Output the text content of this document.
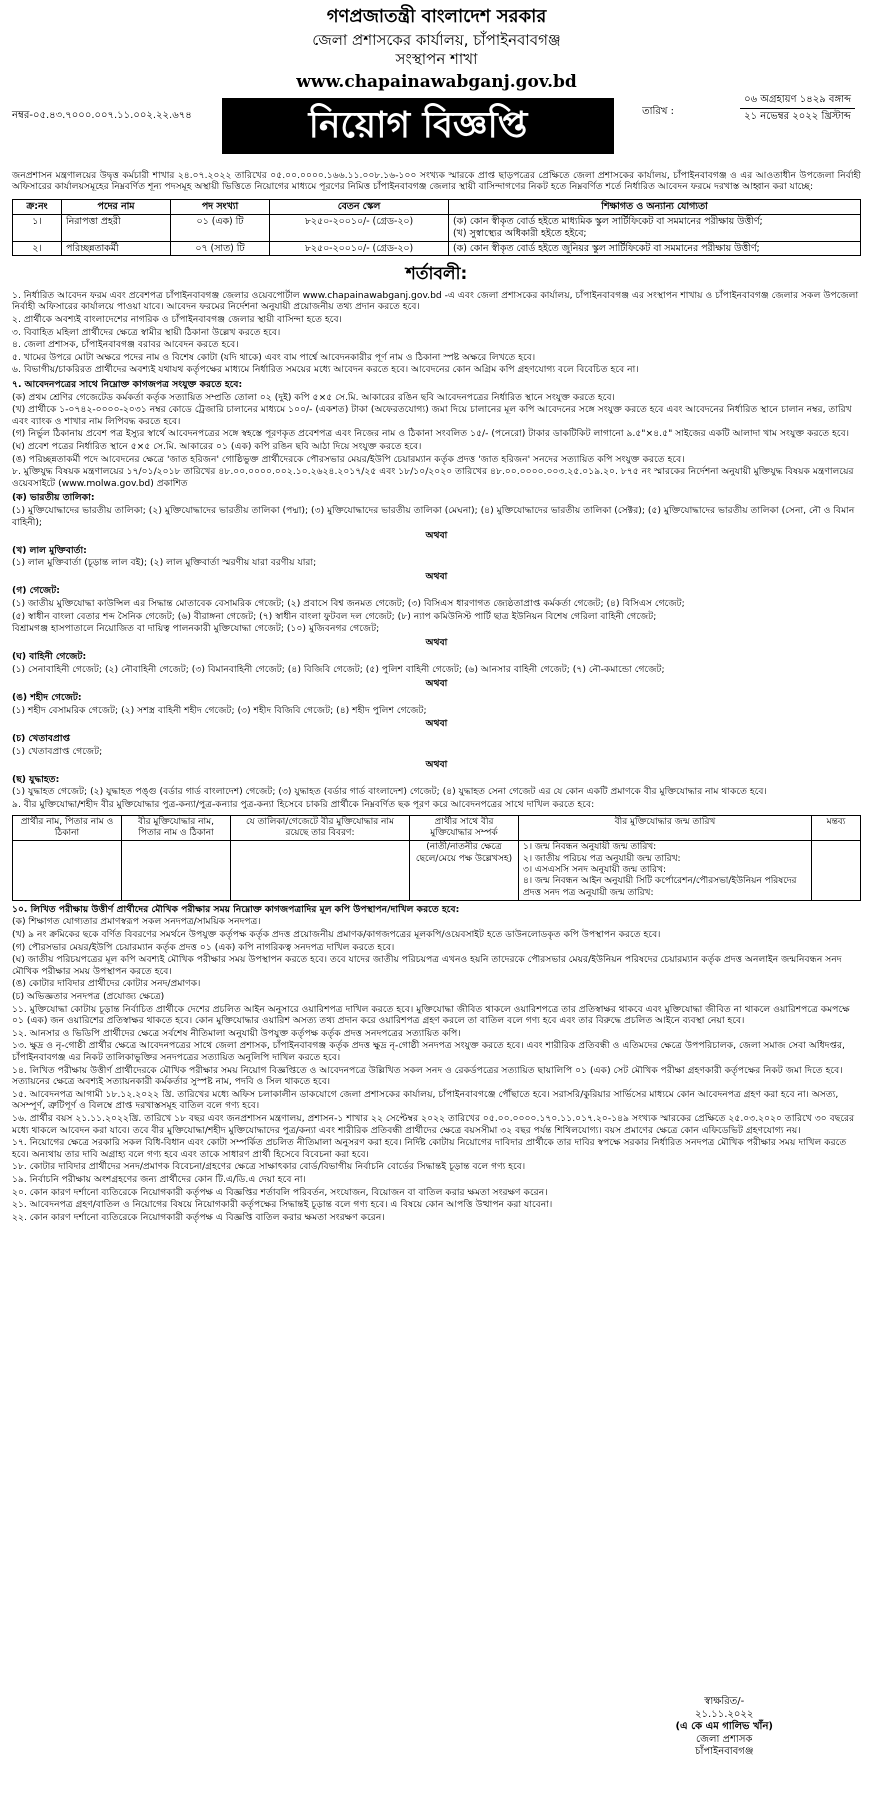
গণপ্রজাতন্ত্রী বাংলাদেশ সরকার
জেলা প্রশাসকের কার্যালয়, চাঁপাইনবাবগঞ্জ
সংস্থাপন শাখা
www.chapainawabganj.gov.bd
নম্বর-০৫.৪৩.৭০০০.০০৭.১১.০০২.২২.৬৭৪	নিয়োগ বিজ্ঞপ্তি	তারিখ :
০৬ অগ্রহায়ণ ১৪২৯ বঙ্গাব্দ
২১ নভেম্বর ২০২২ খ্রিস্টাব্দ
জনপ্রশাসন মন্ত্রণালয়ের উদ্বৃত্ত কর্মচারী শাখার ২৪.০৭.২০২২ তারিখের ০৫.০০.০০০০.১৬৬.১১.০০৮.১৬-১০০ সংখ্যক স্মারকে প্রাপ্ত ছাড়পত্রের প্রেক্ষিতে জেলা প্রশাসকের কার্যালয়, চাঁপাইনবাবগঞ্জ ও এর আওতাধীন উপজেলা নির্বাহী অফিসারের কার্যালয়সমূহের নিম্নবর্ণিত শূন্য পদসমূহ অস্থায়ী ভিত্তিতে নিয়োগের মাধ্যমে পূরণের নিমিত্ত চাঁপাইনবাবগঞ্জ জেলার স্থায়ী বাসিন্দাগণের নিকট হতে নিম্নবর্ণিত শর্তে নির্ধারিত আবেদন ফরমে দরখাস্ত আহ্বান করা যাচ্ছে:
ক্র:নং	পদের নাম	পদ সংখ্যা	বেতন স্কেল	শিক্ষাগত ও অন্যান্য যোগ্যতা
১।	নিরাপত্তা প্রহরী	০১ (এক) টি	৮২৫০-২০০১০/- (গ্রেড-২০)	(ক) কোন স্বীকৃত বোর্ড হইতে মাধ্যমিক স্কুল সার্টিফিকেট বা সমমানের পরীক্ষায় উত্তীর্ণ;
(খ) সুস্বাস্থ্যের অধিকারী হইতে হইবে;

২।	পরিচ্ছন্নতাকর্মী	০৭ (সাত) টি	৮২৫০-২০০১০/- (গ্রেড-২০)	(ক) কোন স্বীকৃত বোর্ড হইতে জুনিয়র স্কুল সার্টিফিকেট বা সমমানের পরীক্ষায় উত্তীর্ণ;
শর্তাবলী:
১. নির্ধারিত আবেদন ফরম এবং প্রবেশপত্র চাঁপাইনবাবগঞ্জ জেলার ওয়েবপোর্টাল www.chapainawabganj.gov.bd -এ এবং জেলা প্রশাসকের কার্যালয়, চাঁপাইনবাবগঞ্জ এর সংস্থাপন শাখায় ও চাঁপাইনবাবগঞ্জ জেলার সকল উপজেলা নির্বাহী অফিসারের কার্যালয়ে পাওয়া যাবে। আবেদন ফরমের নির্দেশনা অনুযায়ী প্রয়োজনীয় তথ্য প্রদান করতে হবে।
২. প্রার্থীকে অবশ্যই বাংলাদেশের নাগরিক ও চাঁপাইনবাবগঞ্জ জেলার স্থায়ী বাসিন্দা হতে হবে।
৩. বিবাহিত মহিলা প্রার্থীদের ক্ষেত্রে স্বামীর স্থায়ী ঠিকানা উল্লেখ করতে হবে।
৪. জেলা প্রশাসক, চাঁপাইনবাবগঞ্জ বরাবর আবেদন করতে হবে।
৫. খামের উপরে মোটা অক্ষরে পদের নাম ও বিশেষ কোটা (যদি থাকে) এবং বাম পার্শ্বে আবেদনকারীর পূর্ণ নাম ও ঠিকানা স্পষ্ট অক্ষরে লিখতে হবে।
৬. বিভাগীয়/চাকরিরত প্রার্থীদের অবশ্যই যথাযথ কর্তৃপক্ষের মাধ্যমে নির্ধারিত সময়ের মধ্যে আবেদন করতে হবে। আবেদনের কোন অগ্রিম কপি গ্রহণযোগ্য বলে বিবেচিত হবে না।
৭. আবেদনপত্রের সাথে নিম্নোক্ত কাগজপত্র সংযুক্ত করতে হবে:
(ক) প্রথম শ্রেণির গেজেটেড কর্মকর্তা কর্তৃক সত্যায়িত সম্প্রতি তোলা ০২ (দুই) কপি ৫×৫ সে.মি. আকারের রঙিন ছবি আবেদনপত্রের নির্ধারিত স্থানে সংযুক্ত করতে হবে।
(খ) প্রার্থীকে ১-০৭৪২-০০০০-২০৩১ নম্বর কোডে ট্রেজারি চালানের মাধ্যমে ১০০/- (একশত) টাকা (অফেরতযোগ্য) জমা দিয়ে চালানের মূল কপি আবেদনের সঙ্গে সংযুক্ত করতে হবে এবং আবেদনের নির্ধারিত স্থানে চালান নম্বর, তারিখ এবং ব্যাংক ও শাখার নাম লিপিবদ্ধ করতে হবে।
(গ) নির্ভুল ঠিকানায় প্রবেশ পত্র ইস্যুর স্বার্থে আবেদনপত্রের সঙ্গে স্বহস্তে পূরণকৃত প্রবেশপত্র এবং নিজের নাম ও ঠিকানা সংবলিত ১৫/- (পনেরো) টাকার ডাকটিকিট লাগানো ৯.৫"×৪.৫" সাইজের একটি আলাদা খাম সংযুক্ত করতে হবে।
(ঘ) প্রবেশ পত্রের নির্ধারিত স্থানে ৫×৫ সে.মি. আকারের ০১ (এক) কপি রঙিন ছবি আঠা দিয়ে সংযুক্ত করতে হবে।
(ঙ) পরিচ্ছন্নতাকর্মী পদে আবেদনের ক্ষেত্রে 'জাত হরিজন' গোষ্ঠিভুক্ত প্রার্থীদেরকে পৌরসভার মেয়র/ইউপি চেয়ারম্যান কর্তৃক প্রদত্ত 'জাত হরিজন' সনদের সত্যায়িত কপি সংযুক্ত করতে হবে।
৮. মুক্তিযুদ্ধ বিষয়ক মন্ত্রণালয়ের ১৭/০১/২০১৮ তারিখের ৪৮.০০.০০০০.০০২.১০.২৬২৪.২০১৭/২৫ এবং ১৮/১০/২০২০ তারিখের ৪৮.০০.০০০০.০০৩.২৫.০১৯.২০. ৮৭৫ নং স্মারকের নির্দেশনা অনুযায়ী মুক্তিযুদ্ধ বিষয়ক মন্ত্রণালয়ের ওয়েবসাইটে (www.molwa.gov.bd) প্রকাশিত
(ক) ভারতীয় তালিকা:
(১) মুক্তিযোদ্ধাদের ভারতীয় তালিকা; (২) মুক্তিযোদ্ধাদের ভারতীয় তালিকা (পদ্মা); (৩) মুক্তিযোদ্ধাদের ভারতীয় তালিকা (মেঘনা); (৪) মুক্তিযোদ্ধাদের ভারতীয় তালিকা (সেক্টর); (৫) মুক্তিযোদ্ধাদের ভারতীয় তালিকা (সেনা, নৌ ও বিমান বাহিনী);
অথবা
(খ) লাল মুক্তিবার্তা:
(১) লাল মুক্তিবার্তা (চূড়ান্ত লাল বই); (২) লাল মুক্তিবার্তা স্মরণীয় যারা বরণীয় যারা;
অথবা
(গ) গেজেট:
(১) জাতীয় মুক্তিযোদ্ধা কাউন্সিল এর সিদ্ধান্ত মোতাবেক বেসামরিক গেজেট; (২) প্রবাসে বিশ্ব জনমত গেজেট; (৩) বিসিএস ধারণাগত জ্যেষ্ঠতাপ্রাপ্ত কর্মকর্তা গেজেট; (৪) বিসিএস গেজেট;
(৫) স্বাধীন বাংলা বেতার শব্দ সৈনিক গেজেট; (৬) বীরাঙ্গনা গেজেট; (৭) স্বাধীন বাংলা ফুটবল দল গেজেট; (৮) ন্যাপ কমিউনিস্ট পার্টি ছাত্র ইউনিয়ন বিশেষ গেরিলা বাহিনী গেজেট;
বিশ্রামগঞ্জ হাসপাতালে নিয়োজিত বা দায়িত্ব পালনকারী মুক্তিযোদ্ধা গেজেট; (১০) মুজিবনগর গেজেট;
অথবা
(ঘ) বাহিনী গেজেট:
(১) সেনাবাহিনী গেজেট; (২) নৌবাহিনী গেজেট; (৩) বিমানবাহিনী গেজেট; (৪) বিজিবি গেজেট; (৫) পুলিশ বাহিনী গেজেট; (৬) আনসার বাহিনী গেজেট; (৭) নৌ-কমান্ডো গেজেট;
অথবা
(ঙ) শহীদ গেজেট:
(১) শহীদ বেসামরিক গেজেট; (২) সশস্ত্র বাহিনী শহীদ গেজেট; (৩) শহীদ বিজিবি গেজেট; (৪) শহীদ পুলিশ গেজেট;
অথবা
(চ) খেতাবপ্রাপ্ত
(১) খেতাবপ্রাপ্ত গেজেট;
অথবা
(ছ) যুদ্ধাহত:
(১) যুদ্ধাহত গেজেট; (২) যুদ্ধাহত পঙ্গু (বর্ডার গার্ড বাংলাদেশ) গেজেট; (৩) যুদ্ধাহত (বর্ডার গার্ড বাংলাদেশ) গেজেট; (৪) যুদ্ধাহত সেনা গেজেট এর যে কোন একটি প্রমাণকে বীর মুক্তিযোদ্ধার নাম থাকতে হবে।
৯. বীর মুক্তিযোদ্ধা/শহীদ বীর মুক্তিযোদ্ধার পুত্র-কন্যা/পুত্র-কন্যার পুত্র-কন্যা হিসেবে চাকরি প্রার্থীকে নিম্নবর্ণিত ছক পূরণ করে আবেদনপত্রের সাথে দাখিল করতে হবে:
প্রার্থীর নাম, পিতার নাম ও ঠিকানা	বীর মুক্তিযোদ্ধার নাম, পিতার নাম ও ঠিকানা	যে তালিকা/গেজেটে বীর মুক্তিযোদ্ধার নাম রয়েছে তার বিবরণ:	প্রার্থীর সাথে বীর মুক্তিযোদ্ধার সম্পর্ক	বীর মুক্তিযোদ্ধার জন্ম তারিখ	মন্তব্য
			(নাতী/নাতনীর ক্ষেত্রে ছেলে/মেয়ে পক্ষ উল্লেখসহ)	১। জন্ম নিবন্ধন অনুযায়ী জন্ম তারিখ:
২। জাতীয় পরিচয় পত্র অনুযায়ী জন্ম তারিখ:
৩। এসএসসি সনদ অনুযায়ী জন্ম তারিখ:
৪। জন্ম নিবন্ধন আইন অনুযায়ী সিটি কর্পোরেশন/পৌরসভা/ইউনিয়ন পরিষদের প্রদত্ত সনদ পত্র অনুযায়ী জন্ম তারিখ:	

১০. লিখিত পরীক্ষায় উত্তীর্ণ প্রার্থীদের মৌখিক পরীক্ষার সময় নিম্নোক্ত কাগজপত্রাদির মূল কপি উপস্থাপন/দাখিল করতে হবে:
(ক) শিক্ষাগত যোগ্যতার প্রমাণস্বরূপ সকল সনদপত্র/সাময়িক সনদপত্র।
(খ) ৯ নং ক্রমিকের ছকে বর্ণিত বিবরণের সমর্থনে উপযুক্ত কর্তৃপক্ষ কর্তৃক প্রদত্ত প্রয়োজনীয় প্রমাণক/কাগজপত্রের মূলকপি/ওয়েবসাইট হতে ডাউনলোডকৃত কপি উপস্থাপন করতে হবে।
(গ) পৌরসভার মেয়র/ইউপি চেয়ারম্যান কর্তৃক প্রদত্ত ০১ (এক) কপি নাগরিকত্ব সনদপত্র দাখিল করতে হবে।
(ঘ) জাতীয় পরিচয়পত্রের মূল কপি অবশ্যই মৌখিক পরীক্ষার সময় উপস্থাপন করতে হবে। তবে যাদের জাতীয় পরিচয়পত্র এখনও হয়নি তাদেরকে পৌরসভার মেয়র/ইউনিয়ন পরিষদের চেয়ারম্যান কর্তৃক প্রদত্ত অনলাইন জন্মনিবন্ধন সনদ মৌখিক পরীক্ষার সময় উপস্থাপন করতে হবে।
(ঙ) কোটার দাবিদার প্রার্থীদের কোটার সনদ/প্রমাণক।
(চ) অভিজ্ঞতার সনদপত্র (প্রযোজ্য ক্ষেত্রে)
১১. মুক্তিযোদ্ধা কোটায় চূড়ান্ত নির্বাচিত প্রার্থীকে দেশের প্রচলিত আইন অনুসারে ওয়ারিশপত্র দাখিল করতে হবে। মুক্তিযোদ্ধা জীবিত থাকলে ওয়ারিশপত্রে তার প্রতিস্বাক্ষর থাকবে এবং মুক্তিযোদ্ধা জীবিত না থাকলে ওয়ারিশপত্রে কমপক্ষে ০১ (এক) জন ওয়ারিশের প্রতিস্বাক্ষর থাকতে হবে। কোন মুক্তিযোদ্ধার ওয়ারিশ অসত্য তথ্য প্রদান করে ওয়ারিশপত্র গ্রহণ করলে তা বাতিল বলে গণ্য হবে এবং তার বিরুদ্ধে প্রচলিত আইনে ব্যবস্থা নেয়া হবে।
১২. আনসার ও ভিডিপি প্রার্থীদের ক্ষেত্রে সর্বশেষ নীতিমালা অনুযায়ী উপযুক্ত কর্তৃপক্ষ কর্তৃক প্রদত্ত সনদপত্রের সত্যায়িত কপি।
১৩. ক্ষুদ্র ও নৃ-গোষ্ঠী প্রার্থীর ক্ষেত্রে আবেদনপত্রের সাথে জেলা প্রশাসক, চাঁপাইনবাবগঞ্জ কর্তৃক প্রদত্ত ক্ষুদ্র নৃ-গোষ্ঠী সনদপত্র সংযুক্ত করতে হবে। এবং শারীরিক প্রতিবন্ধী ও এতিমদের ক্ষেত্রে উপপরিচালক, জেলা সমাজ সেবা অধিদপ্তর, চাঁপাইনবাবগঞ্জ এর নিকট তালিকাভুক্তির সনদপত্রের সত্যায়িত অনুলিপি দাখিল করতে হবে।
১৪. লিখিত পরীক্ষায় উত্তীর্ণ প্রার্থীদেরকে মৌখিক পরীক্ষার সময় নিয়োগ বিজ্ঞপ্তিতে ও আবেদনপত্রে উল্লিখিত সকল সনদ ও রেকর্ডপত্রের সত্যায়িত ছায়ালিপি ০১ (এক) সেট মৌখিক পরীক্ষা গ্রহণকারী কর্তৃপক্ষের নিকট জমা দিতে হবে। সত্যায়নের ক্ষেত্রে অবশ্যই সত্যায়নকারী কর্মকর্তার সুস্পষ্ট নাম, পদবি ও সিল থাকতে হবে।
১৫. আবেদনপত্র আগামী ১৮.১২.২০২২ খ্রি. তারিখের মধ্যে অফিস চলাকালীন ডাকযোগে জেলা প্রশাসকের কার্যালয়, চাঁপাইনবাবগঞ্জে পৌঁছাতে হবে। সরাসরি/কুরিয়ার সার্ভিসের মাধ্যমে কোন আবেদনপত্র গ্রহণ করা হবে না। অসত্য, অসম্পূর্ণ, ত্রুটিপূর্ণ ও বিলম্বে প্রাপ্ত দরখাস্তসমূহ বাতিল বলে গণ্য হবে।
১৬. প্রার্থীর বয়স ২১.১১.২০২২খ্রি. তারিখে ১৮ বছর এবং জনপ্রশাসন মন্ত্রণালয়, প্রশাসন-১ শাখার ২২ সেপ্টেম্বর ২০২২ তারিখের ০৫.০০.০০০০.১৭০.১১.০১৭.২০-১৪৯ সংখ্যক স্মারকের প্রেক্ষিতে ২৫.০৩.২০২০ তারিখে ৩০ বছরের মধ্যে থাকলে আবেদন করা যাবে। তবে বীর মুক্তিযোদ্ধা/শহীদ মুক্তিযোদ্ধাদের পুত্র/কন্যা এবং শারীরিক প্রতিবন্ধী প্রার্থীদের ক্ষেত্রে বয়সসীমা ৩২ বছর পর্যন্ত শিথিলযোগ্য। বয়স প্রমাণের ক্ষেত্রে কোন এফিডেভিট গ্রহণযোগ্য নয়।
১৭. নিয়োগের ক্ষেত্রে সরকারি সকল বিধি-বিধান এবং কোটা সম্পর্কিত প্রচলিত নীতিমালা অনুসরণ করা হবে। নির্দিষ্ট কোটায় নিয়োগের দাবিদার প্রার্থীকে তার দাবির স্বপক্ষে সরকার নির্ধারিত সনদপত্র মৌখিক পরীক্ষার সময় দাখিল করতে হবে। অন্যথায় তার দাবি অগ্রাহ্য বলে গণ্য হবে এবং তাকে সাধারণ প্রার্থী হিসেবে বিবেচনা করা হবে।
১৮. কোটার দাবিদার প্রার্থীদের সনদ/প্রমাণক বিবেচনা/গ্রহণের ক্ষেত্রে সাক্ষাৎকার বোর্ড/বিভাগীয় নির্বাচনি বোর্ডের সিদ্ধান্তই চূড়ান্ত বলে গণ্য হবে।
১৯. নির্বাচনি পরীক্ষায় অংশগ্রহণের জন্য প্রার্থীদের কোন টি.এ/ডি.এ দেয়া হবে না।
২০. কোন কারণ দর্শানো ব্যতিরেকে নিয়োগকারী কর্তৃপক্ষ এ বিজ্ঞপ্তির শর্তাবলি পরিবর্তন, সংযোজন, বিয়োজন বা বাতিল করার ক্ষমতা সংরক্ষণ করেন।
২১. আবেদনপত্র গ্রহণ/বাতিল ও নিয়োগের বিষয়ে নিয়োগকারী কর্তৃপক্ষের সিদ্ধান্তই চূড়ান্ত বলে গণ্য হবে। এ বিষয়ে কোন আপত্তি উত্থাপন করা যাবেনা।
২২. কোন কারণ দর্শানো ব্যতিরেকে নিয়োগকারী কর্তৃপক্ষ এ বিজ্ঞপ্তি বাতিল করার ক্ষমতা সংরক্ষণ করেন।
স্বাক্ষরিত/-
২১.১১.২০২২
(এ কে এম গালিভ খাঁন)
জেলা প্রশাসক
চাঁপাইনবাবগঞ্জ
